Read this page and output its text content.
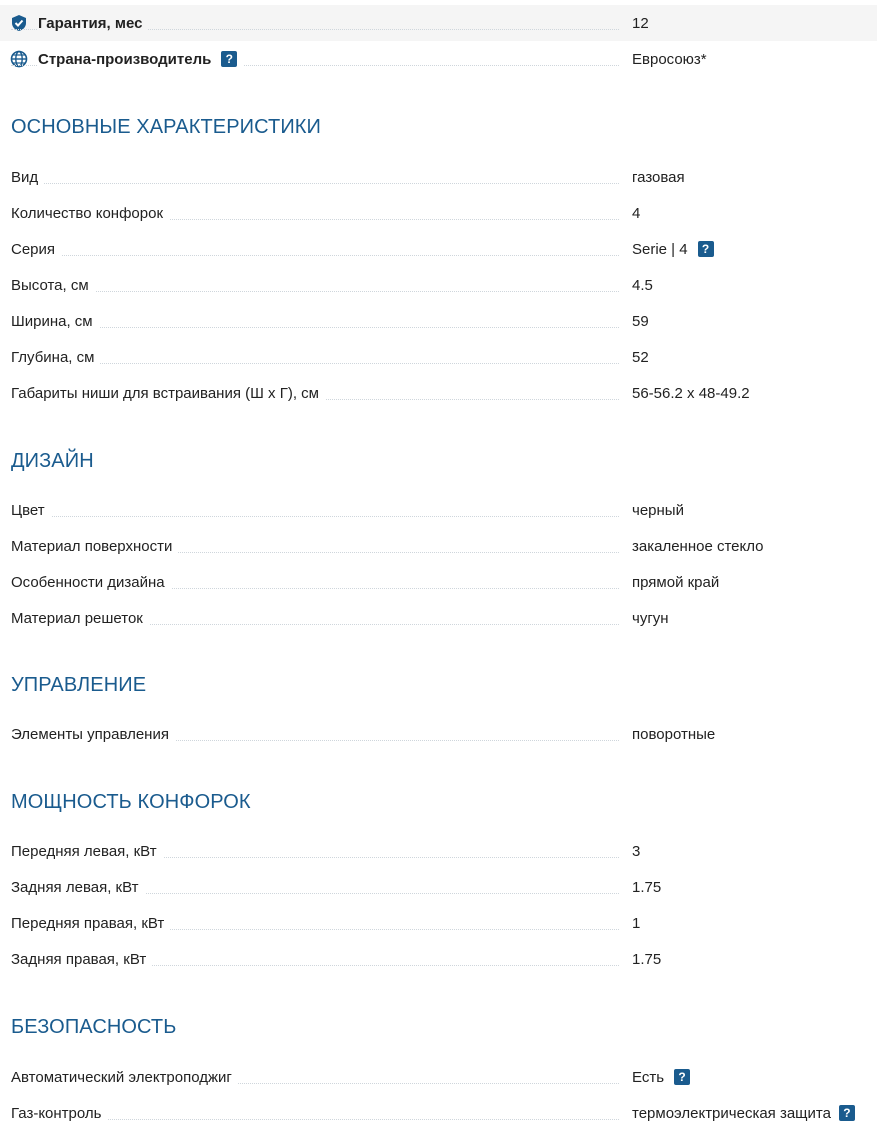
Гарантия, мес	12
Страна-производитель	?	Евросоюз*
ОСНОВНЫЕ ХАРАКТЕРИСТИКИ
Вид	газовая
Количество конфорок	4
Серия	Serie | 4	?
Высота, см	4.5
Ширина, см	59
Глубина, см	52
Габариты ниши для встраивания (Ш х Г), см	56-56.2 х 48-49.2
ДИЗАЙН
Цвет	черный
Материал поверхности	закаленное стекло
Особенности дизайна	прямой край
Материал решеток	чугун
УПРАВЛЕНИЕ
Элементы управления	поворотные
МОЩНОСТЬ КОНФОРОК
Передняя левая, кВт	3
Задняя левая, кВт	1.75
Передняя правая, кВт	1
Задняя правая, кВт	1.75
БЕЗОПАСНОСТЬ
Автоматический электроподжиг	Есть	?
Газ-контроль	термоэлектрическая защита	?
